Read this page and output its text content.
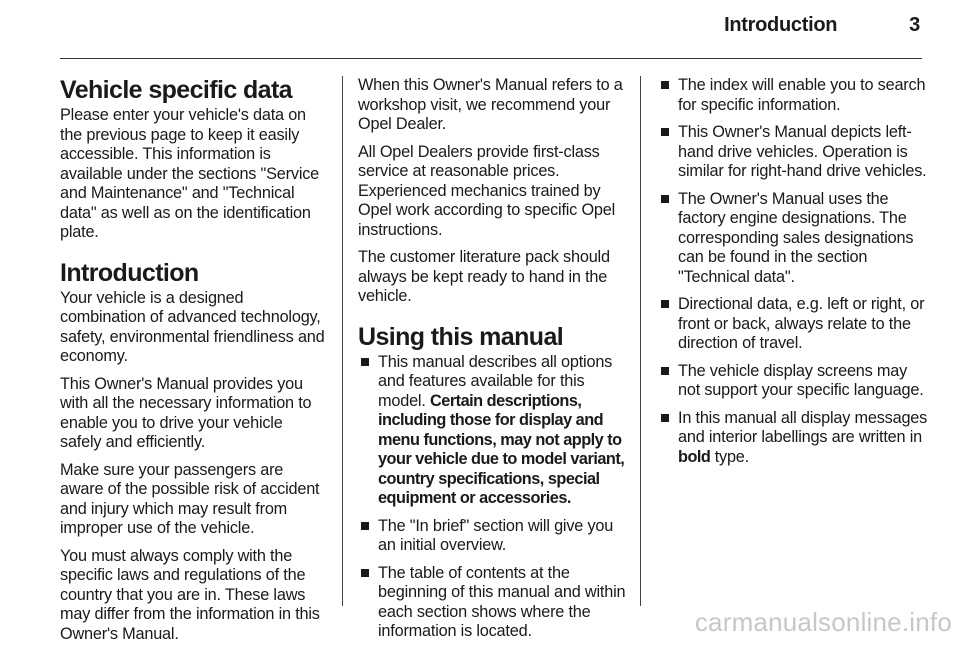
Introduction	3
Vehicle specific data

Please enter your vehicle's data on the previous page to keep it easily accessible. This information is available under the sections "Service and Maintenance" and "Technical data" as well as on the identification plate.

Introduction

Your vehicle is a designed combination of advanced technology, safety, environmental friendliness and economy.

This Owner's Manual provides you with all the necessary information to enable you to drive your vehicle safely and efficiently.

Make sure your passengers are aware of the possible risk of accident and injury which may result from improper use of the vehicle.

You must always comply with the specific laws and regulations of the country that you are in. These laws may differ from the information in this Owner's Manual.

When this Owner's Manual refers to a workshop visit, we recommend your Opel Dealer.

All Opel Dealers provide first-class service at reasonable prices. Experienced mechanics trained by Opel work according to specific Opel instructions.

The customer literature pack should always be kept ready to hand in the vehicle.

Using this manual
This manual describes all options and features available for this model. Certain descriptions, including those for display and menu functions, may not apply to your vehicle due to model variant, country specifications, special equipment or accessories.
The "In brief" section will give you an initial overview.
The table of contents at the beginning of this manual and within each section shows where the information is located.
The index will enable you to search for specific information.
This Owner's Manual depicts left-hand drive vehicles. Operation is similar for right-hand drive vehicles.
The Owner's Manual uses the factory engine designations. The corresponding sales designations can be found in the section "Technical data".
Directional data, e.g. left or right, or front or back, always relate to the direction of travel.
The vehicle display screens may not support your specific language.
In this manual all display messages and interior labellings are written in bold type.
carmanualsonline.info
